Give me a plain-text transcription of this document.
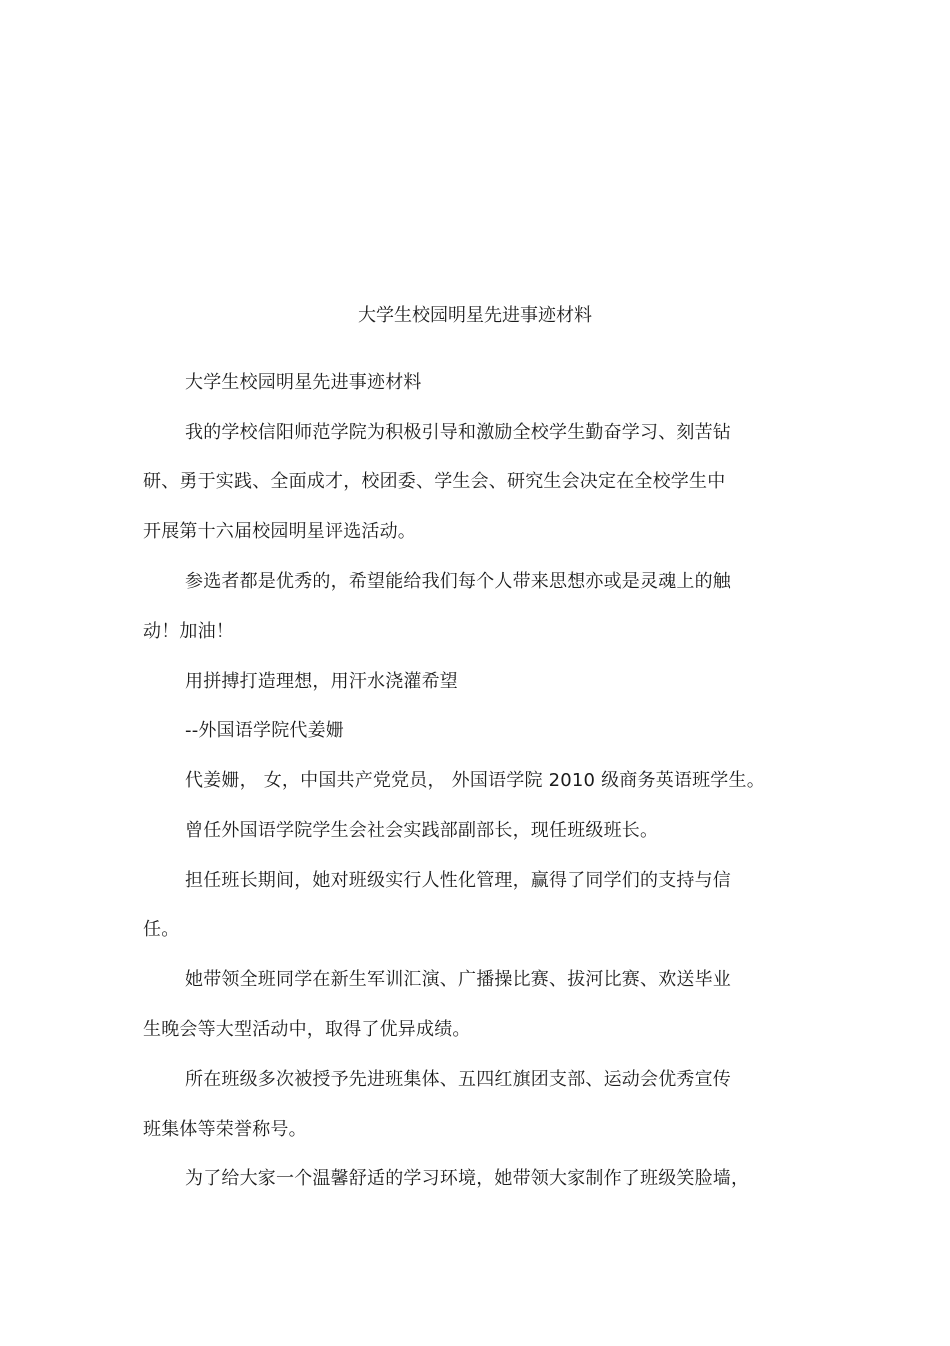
大学生校园明星先进事迹材料
大学生校园明星先进事迹材料
我的学校信阳师范学院为积极引导和激励全校学生勤奋学习、刻苦钻
研、勇于实践、全面成才，校团委、学生会、研究生会决定在全校学生中
开展第十六届校园明星评选活动。
参选者都是优秀的，希望能给我们每个人带来思想亦或是灵魂上的触
动！加油！
用拼搏打造理想，用汗水浇灌希望
--外国语学院代姜姗
代姜姗， 女，中国共产党党员， 外国语学院 2010 级商务英语班学生。
曾任外国语学院学生会社会实践部副部长，现任班级班长。
担任班长期间，她对班级实行人性化管理，赢得了同学们的支持与信
任。
她带领全班同学在新生军训汇演、广播操比赛、拔河比赛、欢送毕业
生晚会等大型活动中，取得了优异成绩。
所在班级多次被授予先进班集体、五四红旗团支部、运动会优秀宣传
班集体等荣誉称号。
为了给大家一个温馨舒适的学习环境，她带领大家制作了班级笑脸墙，
